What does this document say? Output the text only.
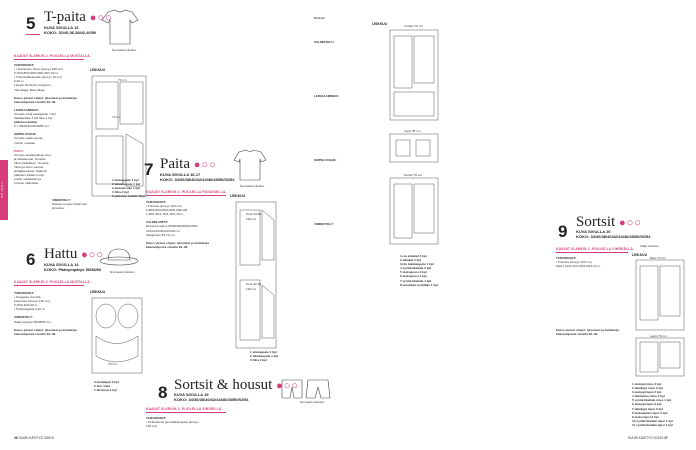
O H J E E T
5 T-paita ●○○
KUVA SIVULLA 13
KOKO: 32/40,36,38/42,46/50
Normaali mitoitus.
KAAVAT B-ARKIN 2. PUOLELLA MUSTALLA.
TARVIKKEET:
• Yksivärinen trikoo (leveys 160 cm)
0,70/0,85/0,90/0,90/0,95/1,00 m.
• Trikoohalkeamalle (leveys 10 cm)
0,40 m.
Langat: Rocketti Langiston.
Valmistaja: Mare Maja.
Katso yleiset ohjeet, lyhenteet ja lisätietoja kaavaohjeista sivuilta 32–33.
LEIKKAAMINEN:
Ompele 2 kpl etukappale 1 kpl
takakappale 2 kpl hiha 1 kpl
pääntien kaitale
6 x 38/40/42/44/46/50 cm.
OMPELUOHJE:
Ompele vaate jouste-
merkin mukaan.
PAITA:
Ompele etukappaleen sivu-
ja olkasaumat. Ompele
hihat paikoilleen. Ompele
hihan ja sivun sauma
yhtäjaksoisesti. Käännä
pääntien kaitale nurjin
puolin vastakkain ja
ompele pääntielle.
VIMEISTELY:
Taita ja ompele hihansuut
ja helma.
LEIKKUU
70 cm
70 cm
1 etukappale 1 kpl
2 takakappale 1 kpl
3 etukaarroke 1 kpl
4 hiha 2 kpl
5 pääntien kaitale 1kpl
6 Hattu ●○○
KUVA SIVULLA 14
KOKO: Päänympärys 56/58/60	Normaali mitoitus.
KAAVAT B-ARKIN 2. PUOLELLA MUSTALLA.
TARVIKKEET:
• Kangasta puuvilla-
polyesteri (leveys 140 cm)
0,40/0,40/0,40 m.
• Tukikangasta 0,40 m.
VIMEISTELY:
Päänympärys 56/58/60 cm.
Katso yleiset ohjeet, lyhenteet ja lisätietoja kaavaohjeista sivuilta 32–33.
LEIKKUU
70 cm
5 kaulakppl 2 kpl
6 lieri 4 kpl
7 lätsässä 2 kpl
7 Paita ●○○
KUVA SIVULLA 16-17
KOKO: 34/36/38/40/42/44/46/48/50/52/54
Normaali mitoitus.
KAAVAT B-ARKIN 2. PUOLELLA PUNAISELLA.
TARVIKKEET:
• Trikoota (leveys 160 cm)
0,80/0,80/0,85/0,90/0,90/0,95/
1,00/1,05/1,10/1,10/1,15 m.
VALMIS MITAT:
Rinnanympärys 86/90/94/98/102/106/
110/114/118/122/126 cm.
Takapituus 64-70 cm.
Katso yleiset ohjeet, lyhenteet ja lisätietoja kaavaohjeista sivuilta 32–33.
LEIKKUU
Koot 34-40
140 cm
Koot 42-54
140 cm
1 etukappale 1 kpl
2 takakappale 1 kpl
3 hiha 2 kpl
8 Sortsit & housut ●○○
KUVA SIVULLA 19
KOKO: 34/36/38/40/42/44/46/48/50/52/54	Normaali mitoitus.
KAAVAT B-ARKIN 2. PUOLELLA SINISELLÄ.
TARVIKKEET:
• Pellavaa tai puuvillakangasta (leveys
140 cm)
LEIKKUU	Cutdes 70 cm
Vuori 25 cm
Sortsit 70 cm
1+1a etukkpl 2 kpl
2 takakpl 2 kpl
3+3a takakappale 1 kpl
4 vyötärökaitale 2 kpl
5 taskupussi 2 kpl
6 taskupussi 2 kpl
7 vyötärökaitale 1 kpl
8 vetokäyä vyötäälle 1 kpl
Sortsit:
VALMISTELU:
LEIKKAAMINEN:
OMPELUOHJE:
VIIMEISTELY:	9 Sortsit ●○○
KUVA SIVULLA 20
KOKO: 34/36/38/40/42/44/46/48/50/52/54
Väljä mitoitus.
KAAVAT B-ARKIN 2. PUOLELLA VIHREÄLLÄ.
TARVIKKEET:
• Trikoota (leveys 140 cm)
Maa 1,00/1,00/1,00/1,00/1,10 m.
Katso yleiset ohjeet, lyhenteet ja lisätietoja kaavaohjeista sivuilta 32–33.
LEIKKUU
Mies 70 cm
Lapsi 70 cm
1 etukppl mies 2 kpl
2 takakppl mies 2 kpl
3 etukppl lapsi 2 kpl
4 takatasku mies 2 kpl
5 vyötärökaitale mies 1 kpl
6 etukppl lapsi 2 kpl
7 takakppl lapsi 2 kpl
8 taskuaukko lapsi 2 kpl
9 tasku lapsi 2 kpl
10 vyötärökaitale lapsi 1 kpl
11 vyötärökaitale lapsi 1 kpl
36 SUURI KÄSITYÖ 3/2019	SUURI KÄSITYÖ 3/2019 37
